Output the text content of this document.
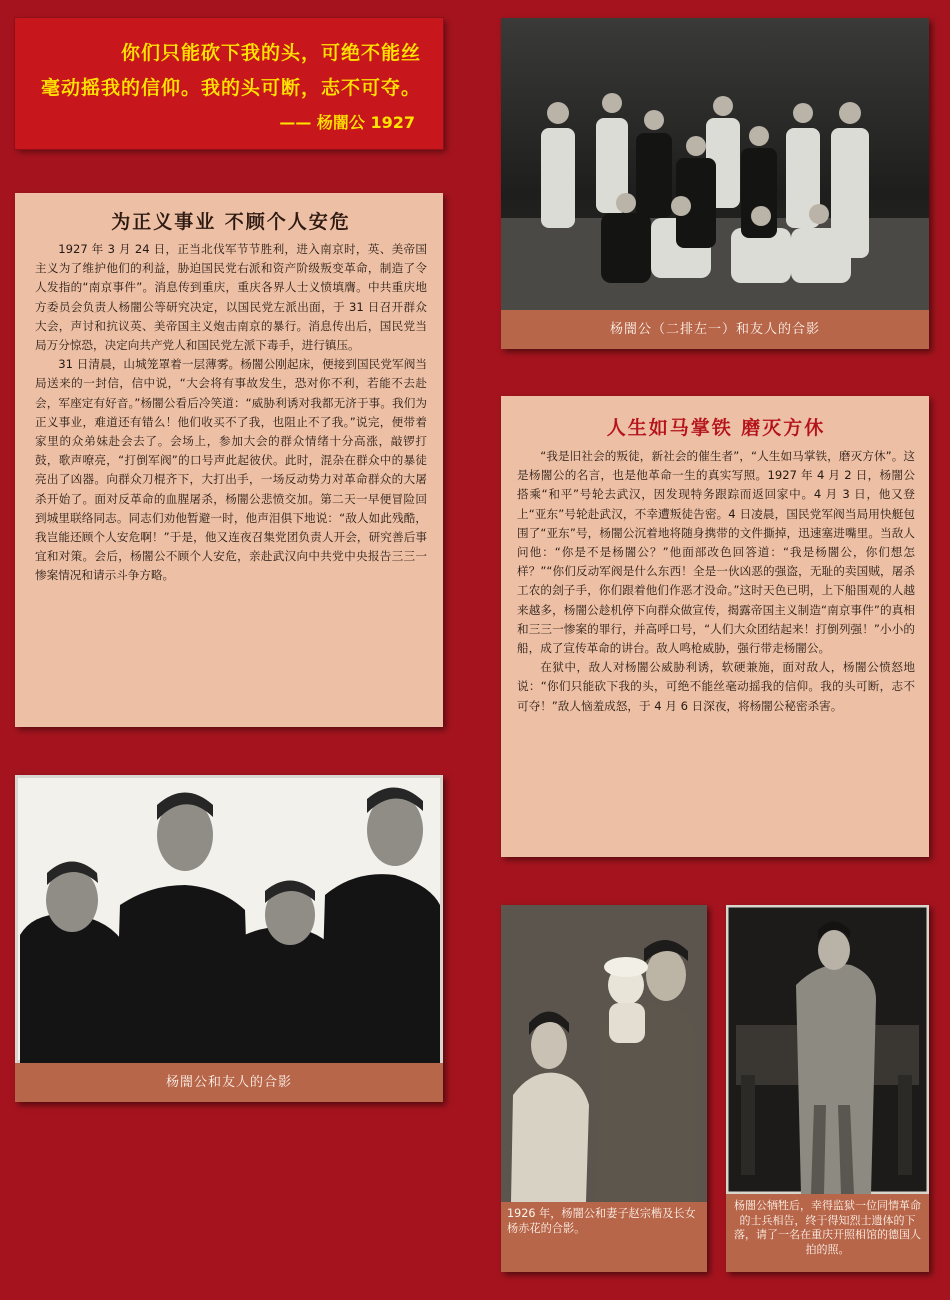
你们只能砍下我的头，可绝不能丝
毫动摇我的信仰。我的头可断，志不可夺。
—— 杨闇公 1927
为正义事业 不顾个人安危

1927 年 3 月 24 日，正当北伐军节节胜利，进入南京时，英、美帝国主义为了维护他们的利益，胁迫国民党右派和资产阶级叛变革命，制造了令人发指的“南京事件”。消息传到重庆，重庆各界人士义愤填膺。中共重庆地方委员会负责人杨闇公等研究决定，以国民党左派出面，于 31 日召开群众大会，声讨和抗议英、美帝国主义炮击南京的暴行。消息传出后，国民党当局万分惊恐，决定向共产党人和国民党左派下毒手，进行镇压。

31 日清晨，山城笼罩着一层薄雾。杨闇公刚起床，便接到国民党军阀当局送来的一封信，信中说，“大会将有事故发生，恐对你不利，若能不去赴会，军座定有好音。”杨闇公看后冷笑道：“威胁利诱对我都无济于事。我们为正义事业，难道还有错么！他们收买不了我，也阻止不了我。”说完，便带着家里的众弟妹赴会去了。会场上，参加大会的群众情绪十分高涨，敲锣打鼓，歌声嘹亮，“打倒军阀”的口号声此起彼伏。此时，混杂在群众中的暴徒亮出了凶器。向群众刀棍齐下，大打出手，一场反动势力对革命群众的大屠杀开始了。面对反革命的血腥屠杀，杨闇公悲愤交加。第二天一早便冒险回到城里联络同志。同志们劝他暂避一时，他声泪俱下地说：“敌人如此残酷，我岂能还顾个人安危啊！”于是，他又连夜召集党团负责人开会，研究善后事宜和对策。会后，杨闇公不顾个人安危，亲赴武汉向中共党中央报告三三一惨案情况和请示斗争方略。

人生如马掌铁 磨灭方休

“我是旧社会的叛徒，新社会的催生者”，“人生如马掌铁，磨灭方休”。这是杨闇公的名言，也是他革命一生的真实写照。1927 年 4 月 2 日，杨闇公搭乘“和平”号轮去武汉，因发现特务跟踪而返回家中。4 月 3 日，他又登上“亚东”号轮赴武汉，不幸遭叛徒告密。4 日凌晨，国民党军阀当局用快艇包围了“亚东”号，杨闇公沉着地将随身携带的文件撕掉，迅速塞进嘴里。当敌人问他：“你是不是杨闇公？”他面部改色回答道：“我是杨闇公，你们想怎样？”“你们反动军阀是什么东西！全是一伙凶恶的强盗，无耻的卖国贼，屠杀工农的刽子手，你们跟着他们作恶才没命。”这时天色已明，上下船围观的人越来越多，杨闇公趁机停下向群众做宣传，揭露帝国主义制造“南京事件”的真相和三三一惨案的罪行，并高呼口号，“人们大众团结起来！打倒列强！”小小的船，成了宣传革命的讲台。敌人鸣枪威胁，强行带走杨闇公。

在狱中，敌人对杨闇公威胁利诱，软硬兼施，面对敌人，杨闇公愤怒地说：“你们只能砍下我的头，可绝不能丝毫动摇我的信仰。我的头可断，志不可夺！”敌人恼羞成怒，于 4 月 6 日深夜，将杨闇公秘密杀害。

杨闇公（二排左一）和友人的合影
杨闇公和友人的合影
1926 年，杨闇公和妻子赵宗楷及长女杨赤花的合影。
杨闇公牺牲后，幸得监狱一位同情革命的士兵相告，终于得知烈士遗体的下落，请了一名在重庆开照相馆的德国人拍的照。
